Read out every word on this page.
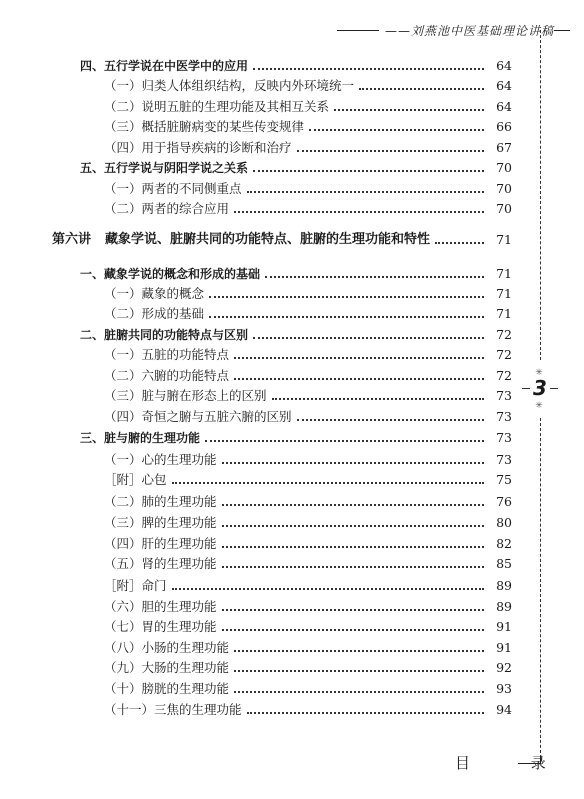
——刘燕池中医基础理论讲稿
✳
3
✳
四、五行学说在中医学中的应用	64
（一）归类人体组织结构，反映内外环境统一	64
（二）说明五脏的生理功能及其相互关系	64
（三）概括脏腑病变的某些传变规律	66
（四）用于指导疾病的诊断和治疗	67
五、五行学说与阴阳学说之关系	70
（一）两者的不同侧重点	70
（二）两者的综合应用	70
第六讲 藏象学说、脏腑共同的功能特点、脏腑的生理功能和特性	71
一、藏象学说的概念和形成的基础	71
（一）藏象的概念	71
（二）形成的基础	71
二、脏腑共同的功能特点与区别	72
（一）五脏的功能特点	72
（二）六腑的功能特点	72
（三）脏与腑在形态上的区别	73
（四）奇恒之腑与五脏六腑的区别	73
三、脏与腑的生理功能	73
（一）心的生理功能	73
［附］心包	75
（二）肺的生理功能	76
（三）脾的生理功能	80
（四）肝的生理功能	82
（五）肾的生理功能	85
［附］命门	89
（六）胆的生理功能	89
（七）胃的生理功能	91
（八）小肠的生理功能	91
（九）大肠的生理功能	92
（十）膀胱的生理功能	93
（十一）三焦的生理功能	94
目 录
